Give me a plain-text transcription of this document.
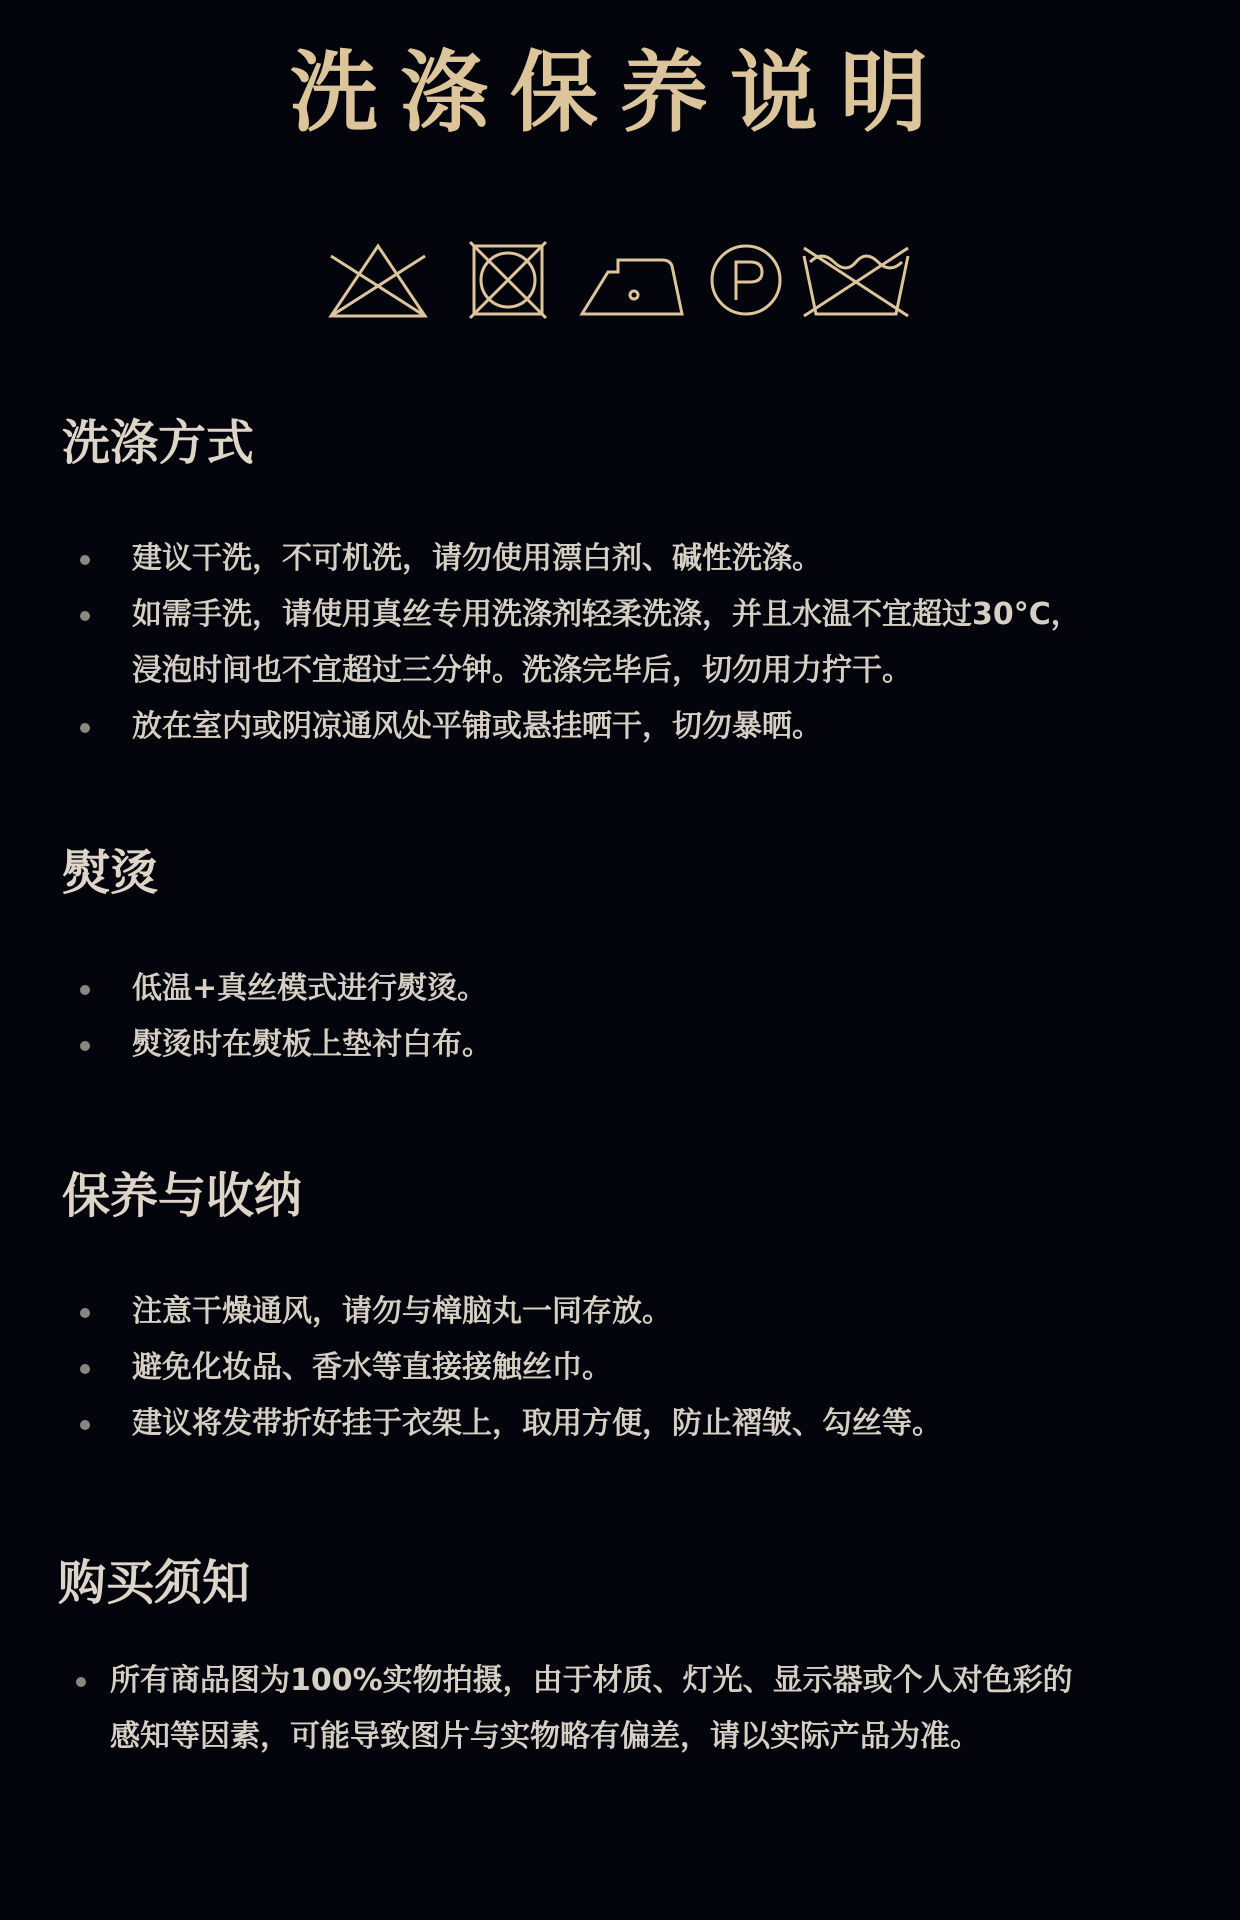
洗涤保养说明
洗涤方式
建议干洗，不可机洗，请勿使用漂白剂、碱性洗涤。
如需手洗，请使用真丝专用洗涤剂轻柔洗涤，并且水温不宜超过30°C，
浸泡时间也不宜超过三分钟。洗涤完毕后，切勿用力拧干。
放在室内或阴凉通风处平铺或悬挂晒干，切勿暴晒。
熨烫
低温+真丝模式进行熨烫。
熨烫时在熨板上垫衬白布。
保养与收纳
注意干燥通风，请勿与樟脑丸一同存放。
避免化妆品、香水等直接接触丝巾。
建议将发带折好挂于衣架上，取用方便，防止褶皱、勾丝等。
购买须知
所有商品图为100%实物拍摄，由于材质、灯光、显示器或个人对色彩的
感知等因素，可能导致图片与实物略有偏差，请以实际产品为准。
